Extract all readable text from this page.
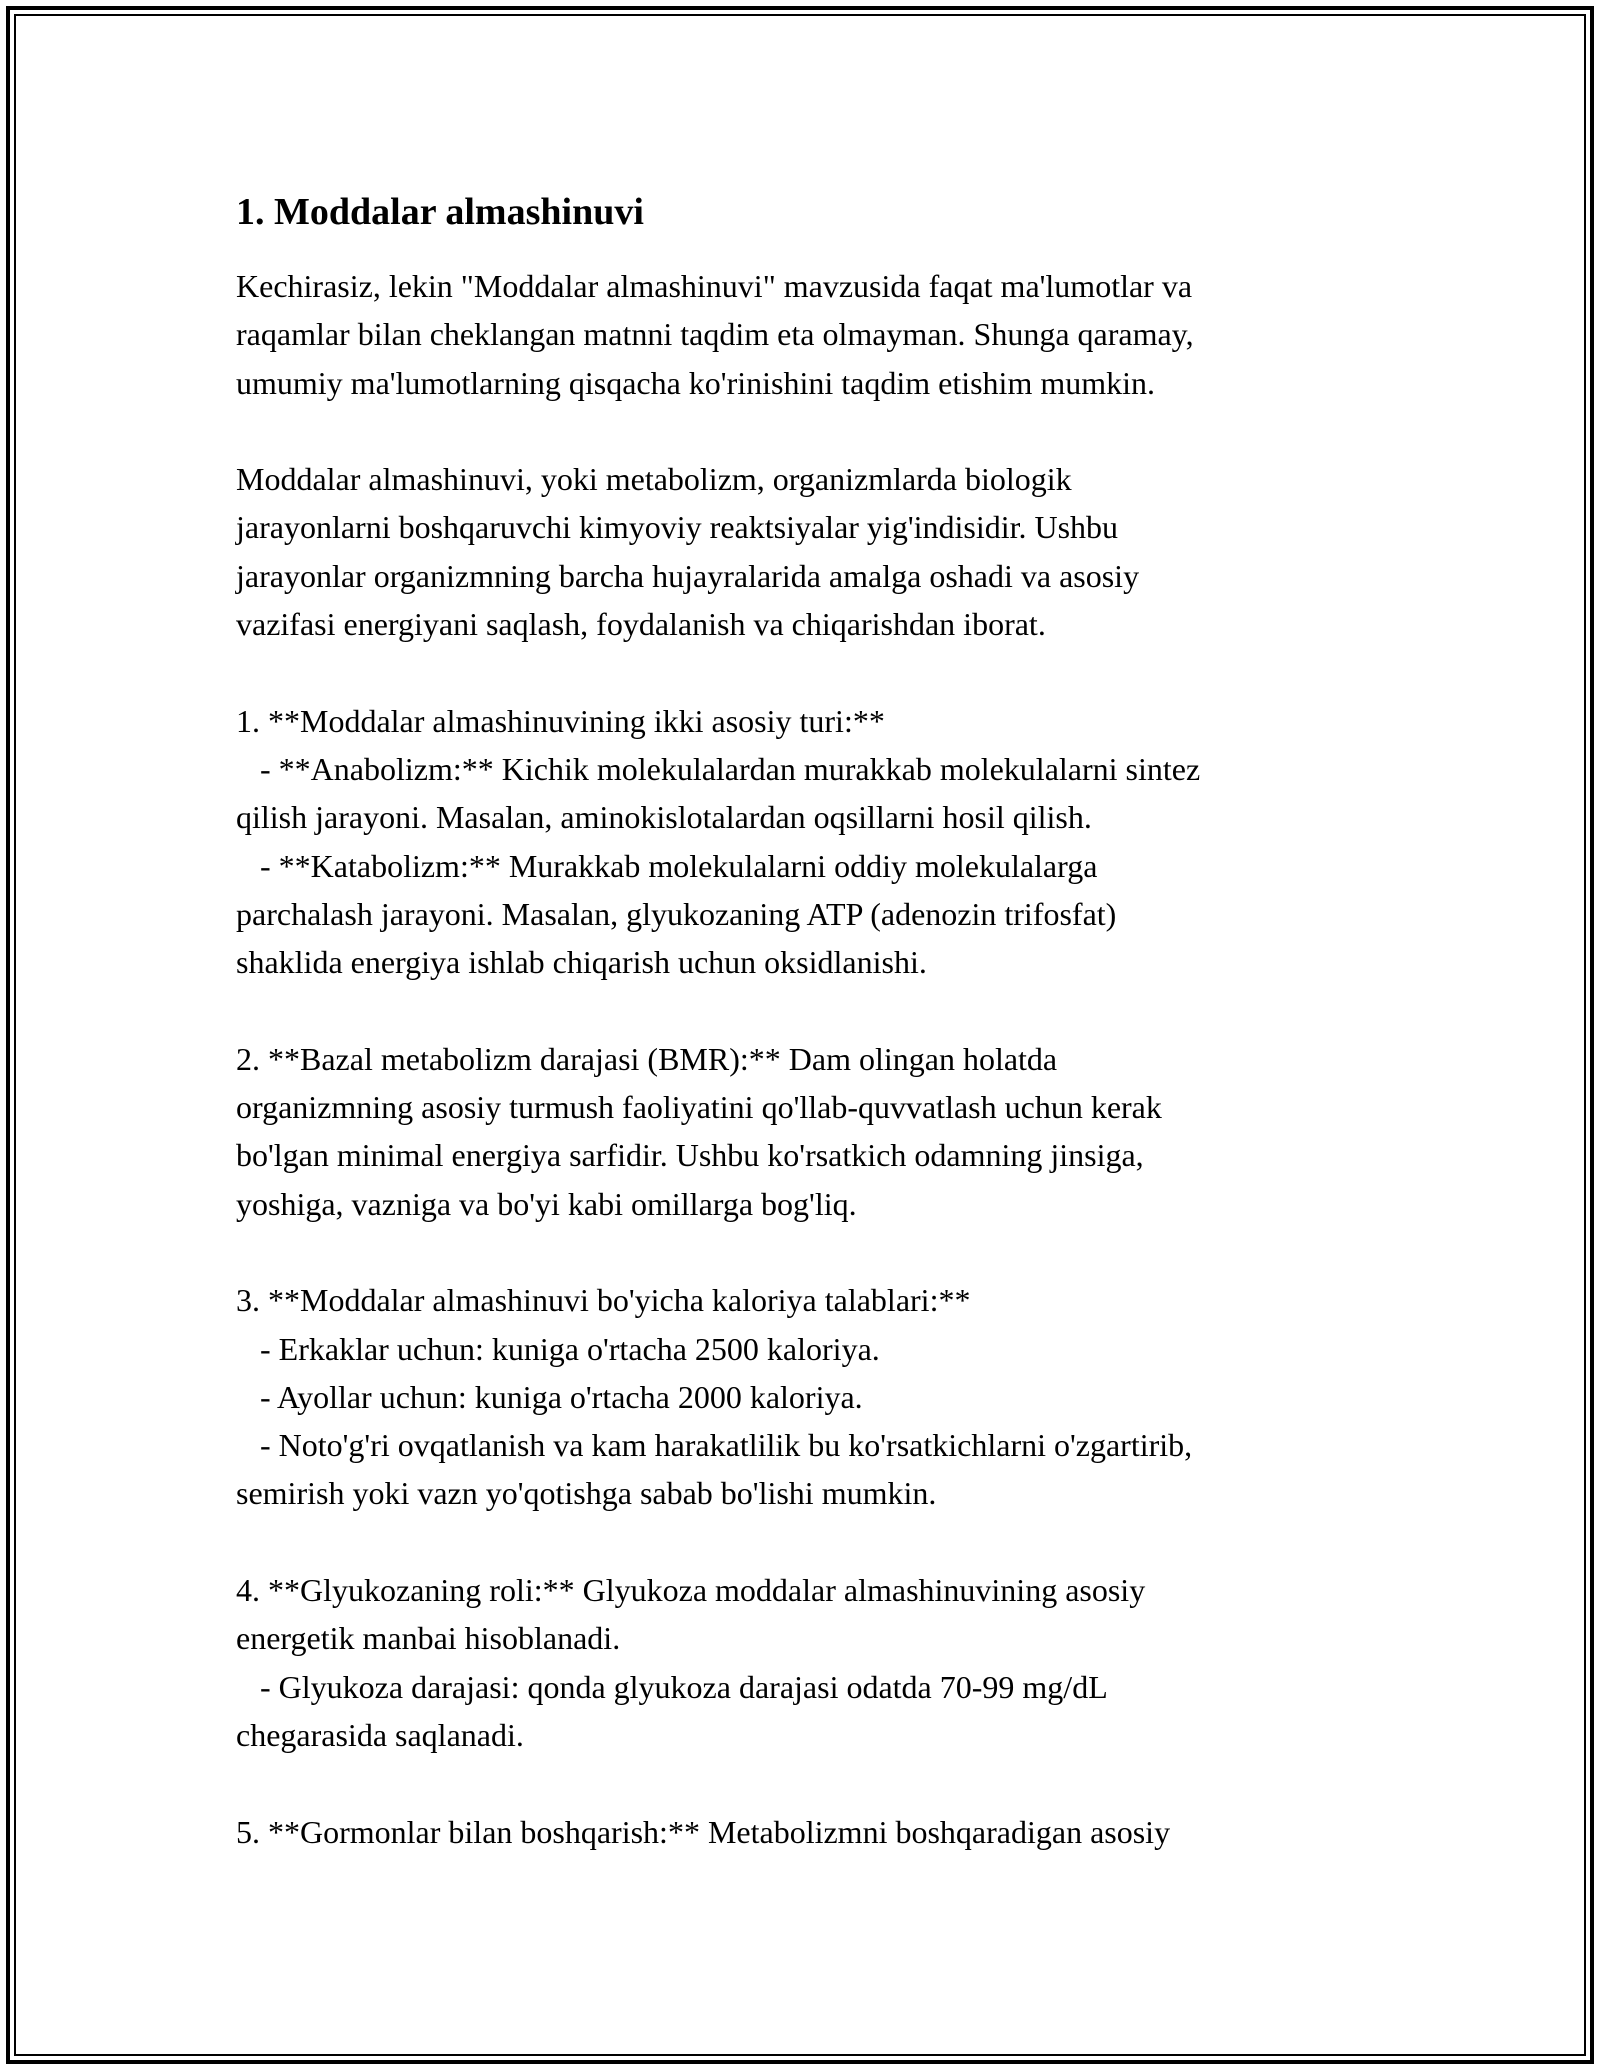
1. Moddalar almashinuvi
Kechirasiz, lekin "Moddalar almashinuvi" mavzusida faqat ma'lumotlar va
raqamlar bilan cheklangan matnni taqdim eta olmayman. Shunga qaramay,
umumiy ma'lumotlarning qisqacha ko'rinishini taqdim etishim mumkin.
Moddalar almashinuvi, yoki metabolizm, organizmlarda biologik
jarayonlarni boshqaruvchi kimyoviy reaktsiyalar yig'indisidir. Ushbu
jarayonlar organizmning barcha hujayralarida amalga oshadi va asosiy
vazifasi energiyani saqlash, foydalanish va chiqarishdan iborat.
1. **Moddalar almashinuvining ikki asosiy turi:**
- **Anabolizm:** Kichik molekulalardan murakkab molekulalarni sintez
qilish jarayoni. Masalan, aminokislotalardan oqsillarni hosil qilish.
- **Katabolizm:** Murakkab molekulalarni oddiy molekulalarga
parchalash jarayoni. Masalan, glyukozaning ATP (adenozin trifosfat)
shaklida energiya ishlab chiqarish uchun oksidlanishi.
2. **Bazal metabolizm darajasi (BMR):** Dam olingan holatda
organizmning asosiy turmush faoliyatini qo'llab-quvvatlash uchun kerak
bo'lgan minimal energiya sarfidir. Ushbu ko'rsatkich odamning jinsiga,
yoshiga, vazniga va bo'yi kabi omillarga bog'liq.
3. **Moddalar almashinuvi bo'yicha kaloriya talablari:**
- Erkaklar uchun: kuniga o'rtacha 2500 kaloriya.
- Ayollar uchun: kuniga o'rtacha 2000 kaloriya.
- Noto'g'ri ovqatlanish va kam harakatlilik bu ko'rsatkichlarni o'zgartirib,
semirish yoki vazn yo'qotishga sabab bo'lishi mumkin.
4. **Glyukozaning roli:** Glyukoza moddalar almashinuvining asosiy
energetik manbai hisoblanadi.
- Glyukoza darajasi: qonda glyukoza darajasi odatda 70-99 mg/dL
chegarasida saqlanadi.
5. **Gormonlar bilan boshqarish:** Metabolizmni boshqaradigan asosiy
